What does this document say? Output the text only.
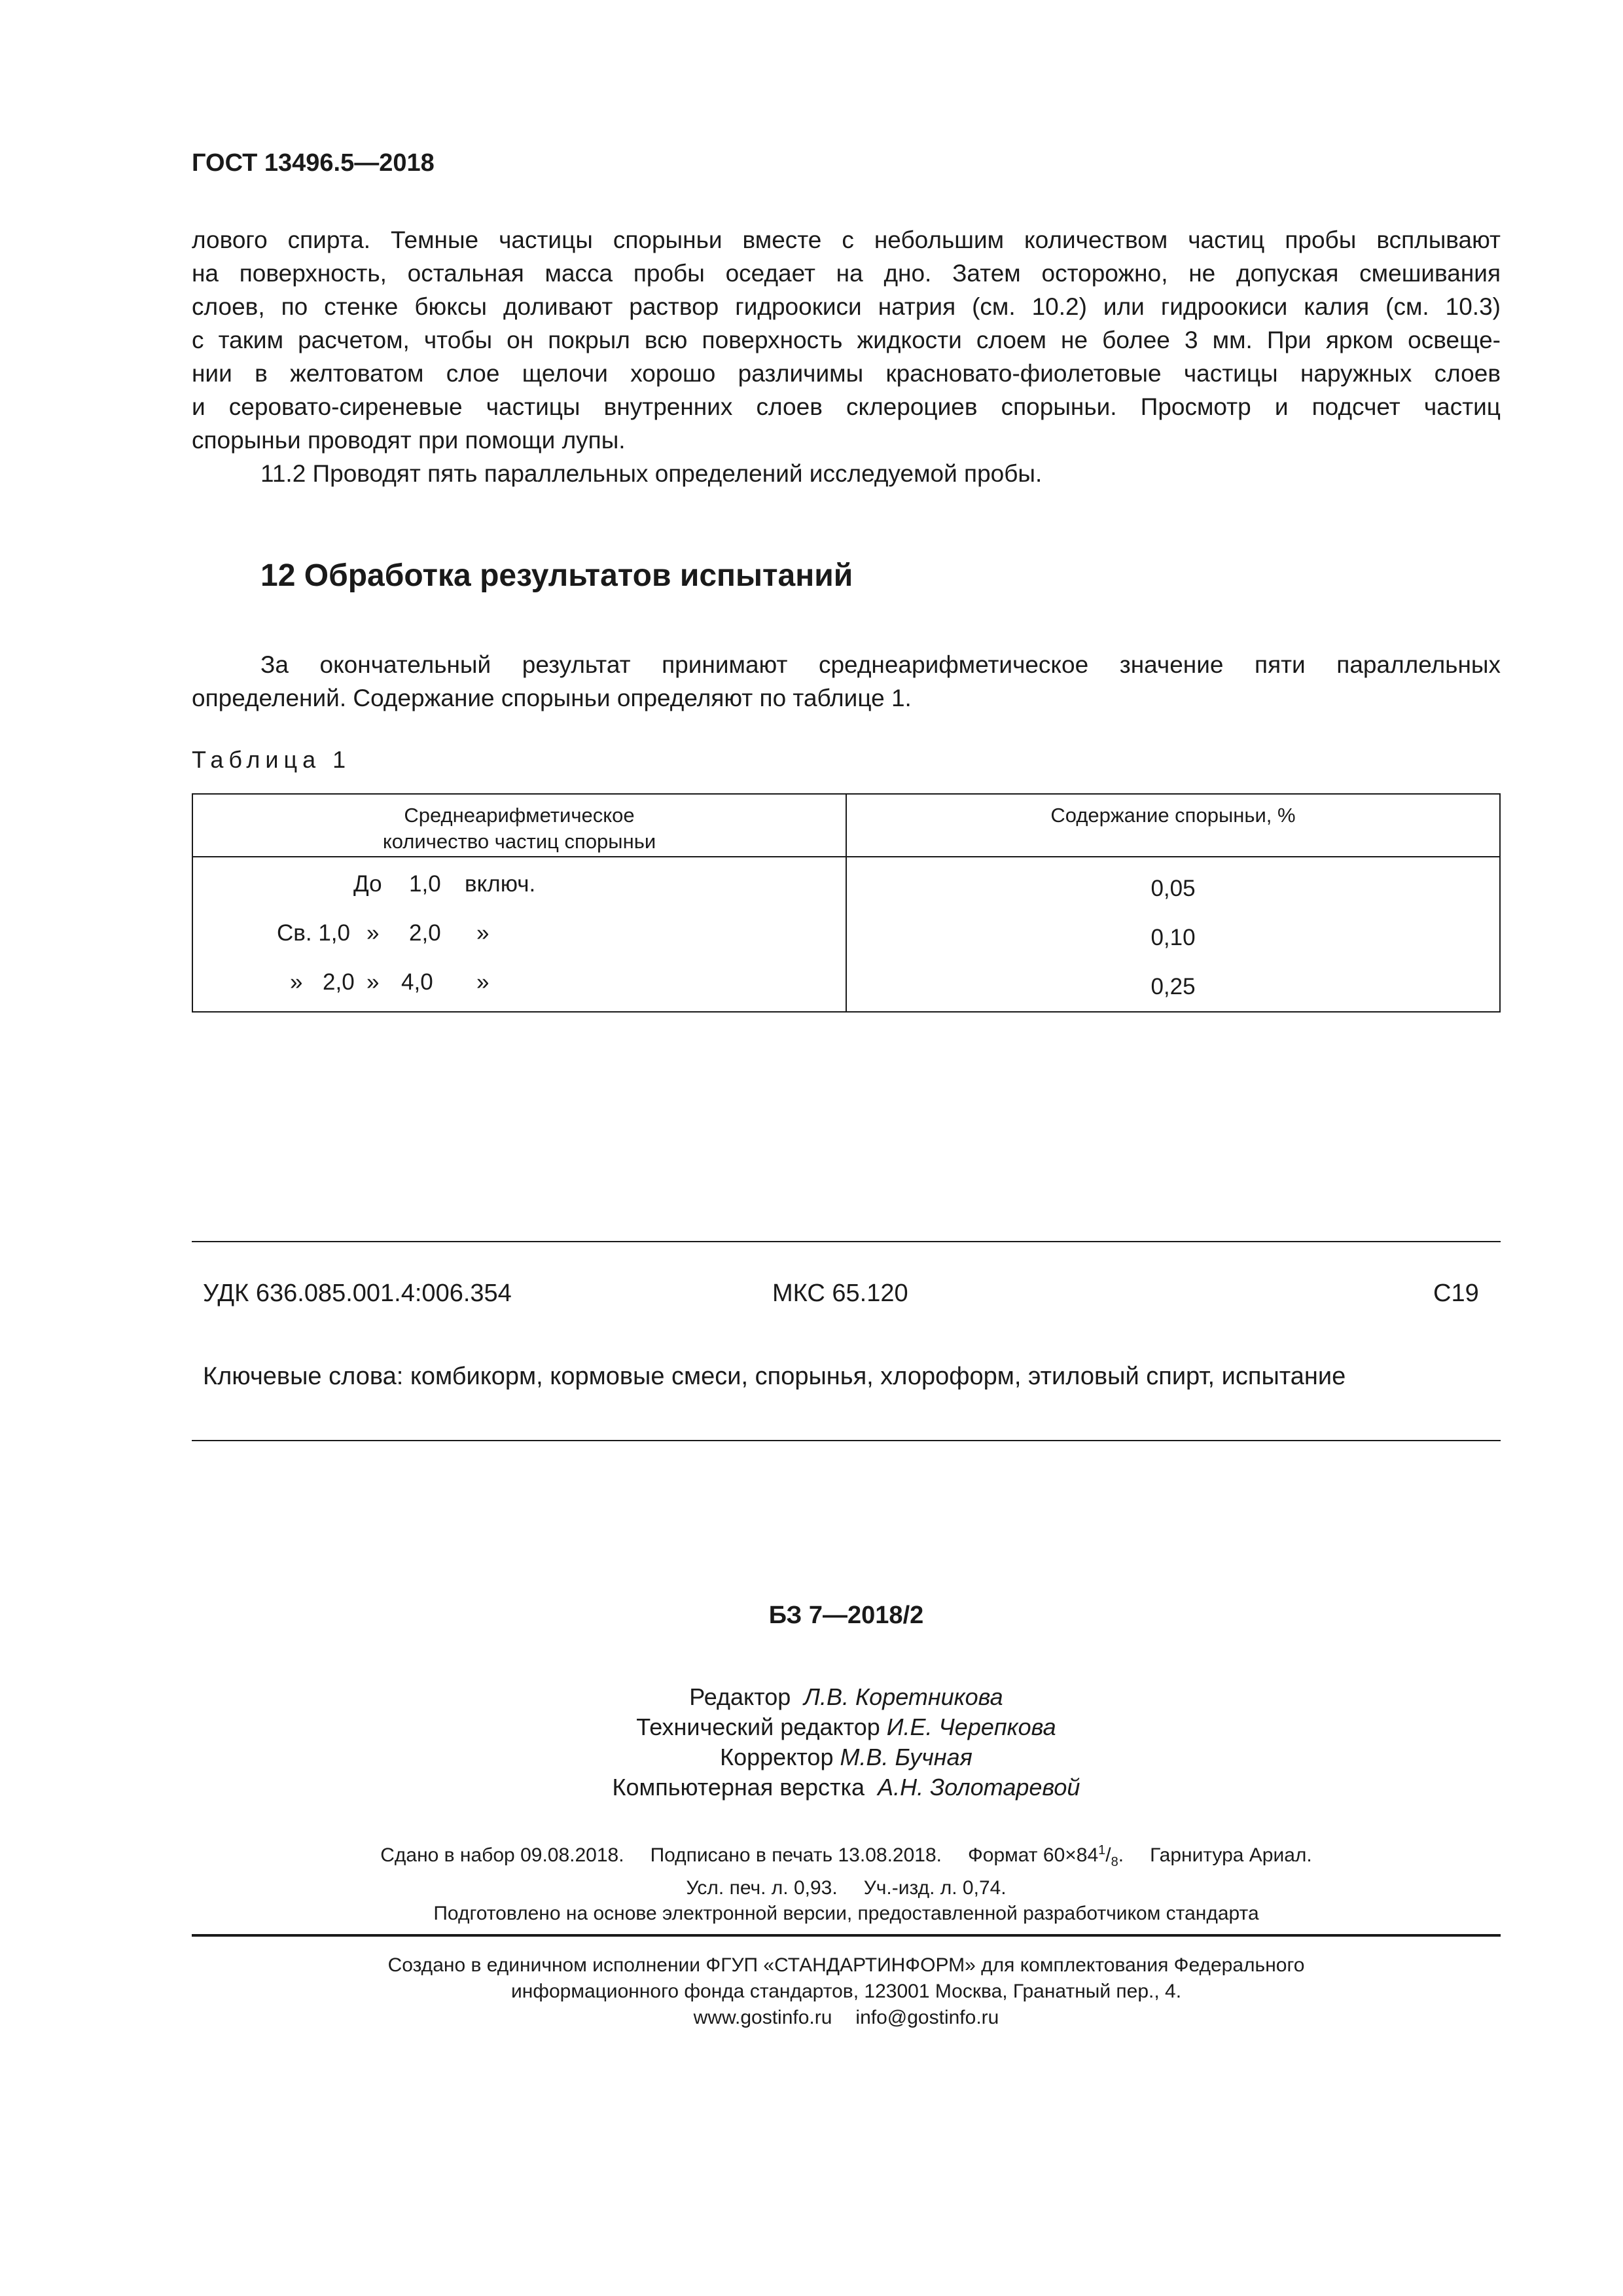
ГОСТ 13496.5—2018
лового спирта. Темные частицы спорыньи вместе с небольшим количеством частиц пробы всплывают
на поверхность, остальная масса пробы оседает на дно. Затем осторожно, не допуская смешивания
слоев, по стенке бюксы доливают раствор гидроокиси натрия (см. 10.2) или гидроокиси калия (см. 10.3)
с таким расчетом, чтобы он покрыл всю поверхность жидкости слоем не более 3 мм. При ярком освеще-
нии в желтоватом слое щелочи хорошо различимы красновато-фиолетовые частицы наружных слоев
и серовато-сиреневые частицы внутренних слоев склероциев спорыньи. Просмотр и подсчет частиц
спорыньи проводят при помощи лупы.
11.2 Проводят пять параллельных определений исследуемой пробы.
12 Обработка результатов испытаний
За окончательный результат принимают среднеарифметическое значение пяти параллельных
определений. Содержание спорыньи определяют по таблице 1.
Таблица 1
Среднеарифметическое
количество частиц спорыньи	Содержание спорыньи, %

До 1,0 включ.	0,05

Св. 1,0 » 2,0 »	0,10

» 2,0 » 4,0 »	0,25
УДК 636.085.001.4:006.354	МКС 65.120	С19
Ключевые слова: комбикорм, кормовые смеси, спорынья, хлороформ, этиловый спирт, испытание
БЗ 7—2018/2
Редактор Л.В. Коретникова
Технический редактор И.Е. Черепкова
Корректор М.В. Бучная
Компьютерная верстка А.Н. Золотаревой
Сдано в набор 09.08.2018. Подписано в печать 13.08.2018. Формат $60\times 84^1/_8$. Гарнитура Ариал.
Усл. печ. л. 0,93. Уч.-изд. л. 0,74.
Подготовлено на основе электронной версии, предоставленной разработчиком стандарта
Создано в единичном исполнении ФГУП «СТАНДАРТИНФОРМ» для комплектования Федерального
информационного фонда стандартов, 123001 Москва, Гранатный пер., 4.
www.gostinfo.ru info@gostinfo.ru
